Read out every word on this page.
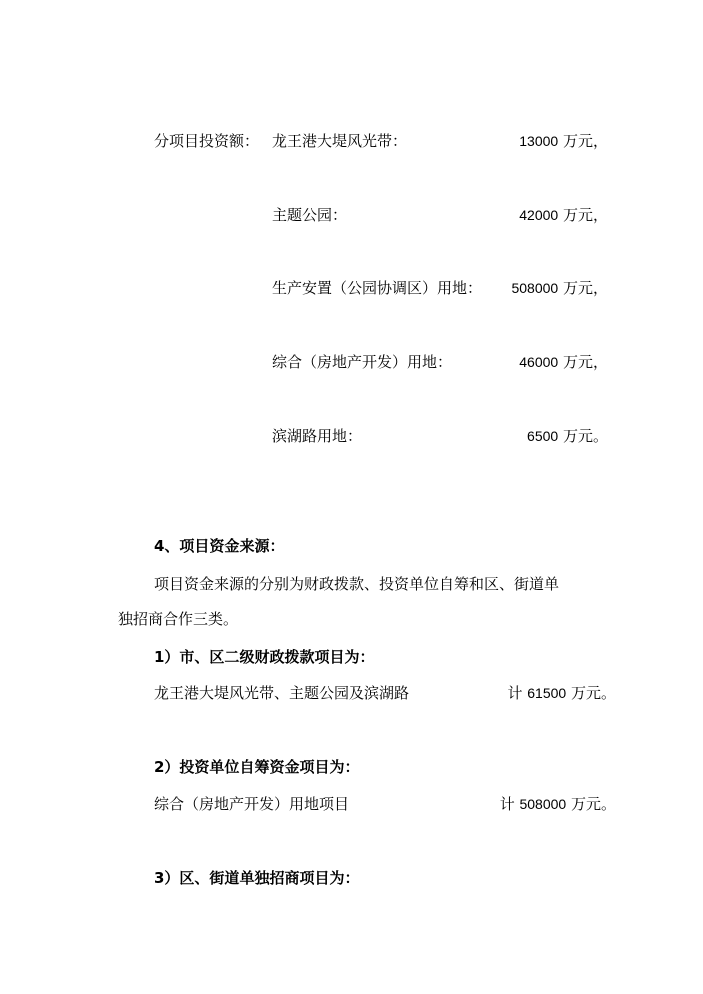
分项目投资额： 龙王港大堤风光带：	13000 万元，
主题公园：	42000 万元，
生产安置（公园协调区）用地： 508000 万元，
综合（房地产开发）用地：	46000 万元，
滨湖路用地：	6500 万元。
4、项目资金来源：
项目资金来源的分别为财政拨款、投资单位自筹和区、街道单
独招商合作三类。
1）市、区二级财政拨款项目为：
龙王港大堤风光带、主题公园及滨湖路	计 61500 万元。
2）投资单位自筹资金项目为：
综合（房地产开发）用地项目	计 508000 万元。
3）区、街道单独招商项目为：
